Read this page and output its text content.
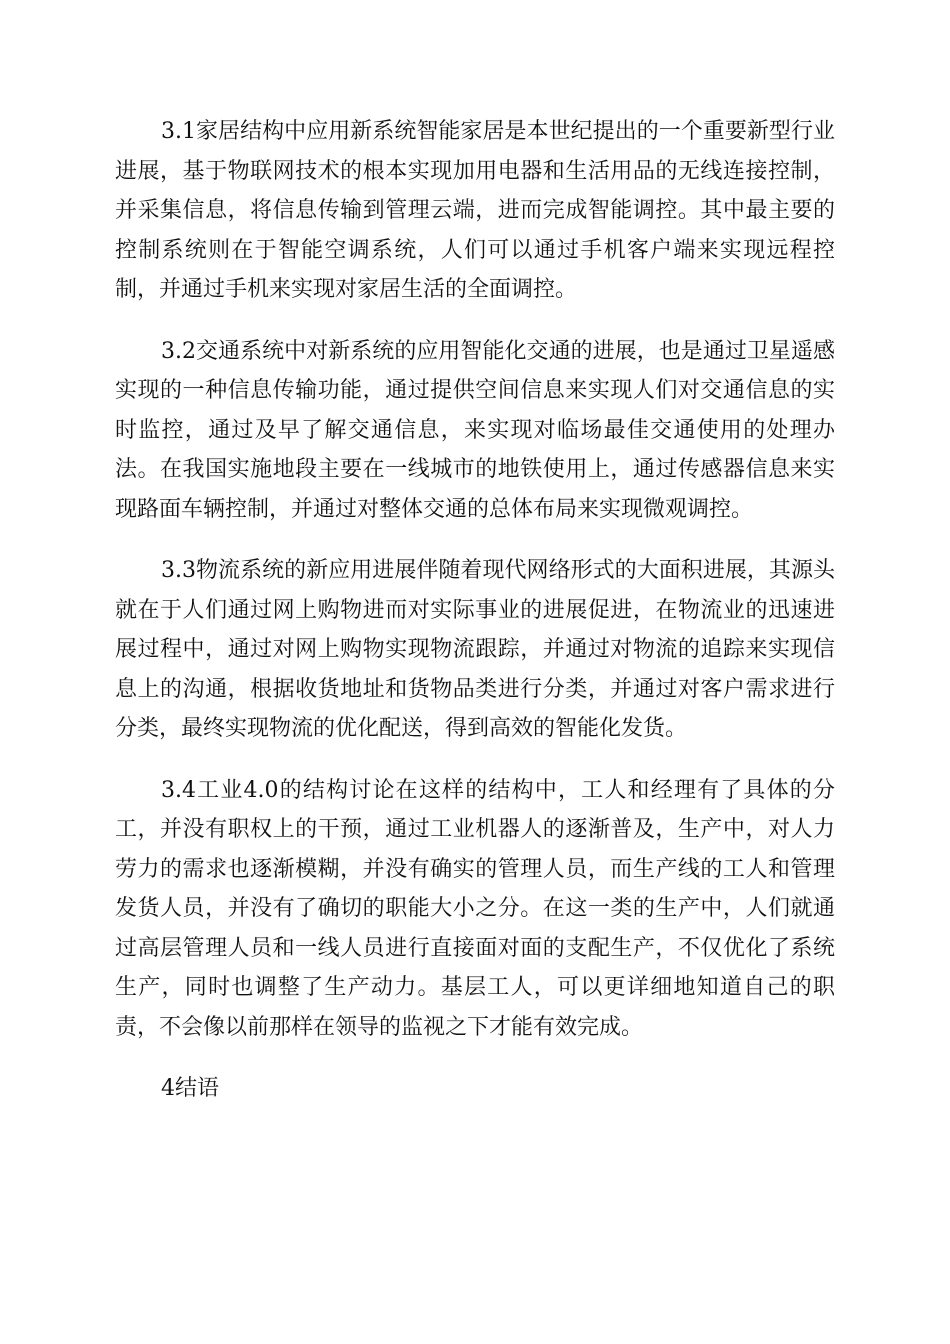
3.1家居结构中应用新系统智能家居是本世纪提出的一个重要新型行业进展，基于物联网技术的根本实现加用电器和生活用品的无线连接控制，并采集信息，将信息传输到管理云端，进而完成智能调控。其中最主要的控制系统则在于智能空调系统，人们可以通过手机客户端来实现远程控制，并通过手机来实现对家居生活的全面调控。

3.2交通系统中对新系统的应用智能化交通的进展，也是通过卫星遥感实现的一种信息传输功能，通过提供空间信息来实现人们对交通信息的实时监控，通过及早了解交通信息，来实现对临场最佳交通使用的处理办法。在我国实施地段主要在一线城市的地铁使用上，通过传感器信息来实现路面车辆控制，并通过对整体交通的总体布局来实现微观调控。

3.3物流系统的新应用进展伴随着现代网络形式的大面积进展，其源头就在于人们通过网上购物进而对实际事业的进展促进，在物流业的迅速进展过程中，通过对网上购物实现物流跟踪，并通过对物流的追踪来实现信息上的沟通，根据收货地址和货物品类进行分类，并通过对客户需求进行分类，最终实现物流的优化配送，得到高效的智能化发货。

3.4工业4.0的结构讨论在这样的结构中，工人和经理有了具体的分工，并没有职权上的干预，通过工业机器人的逐渐普及，生产中，对人力劳力的需求也逐渐模糊，并没有确实的管理人员，而生产线的工人和管理发货人员，并没有了确切的职能大小之分。在这一类的生产中，人们就通过高层管理人员和一线人员进行直接面对面的支配生产，不仅优化了系统生产，同时也调整了生产动力。基层工人，可以更详细地知道自己的职责，不会像以前那样在领导的监视之下才能有效完成。

4结语
